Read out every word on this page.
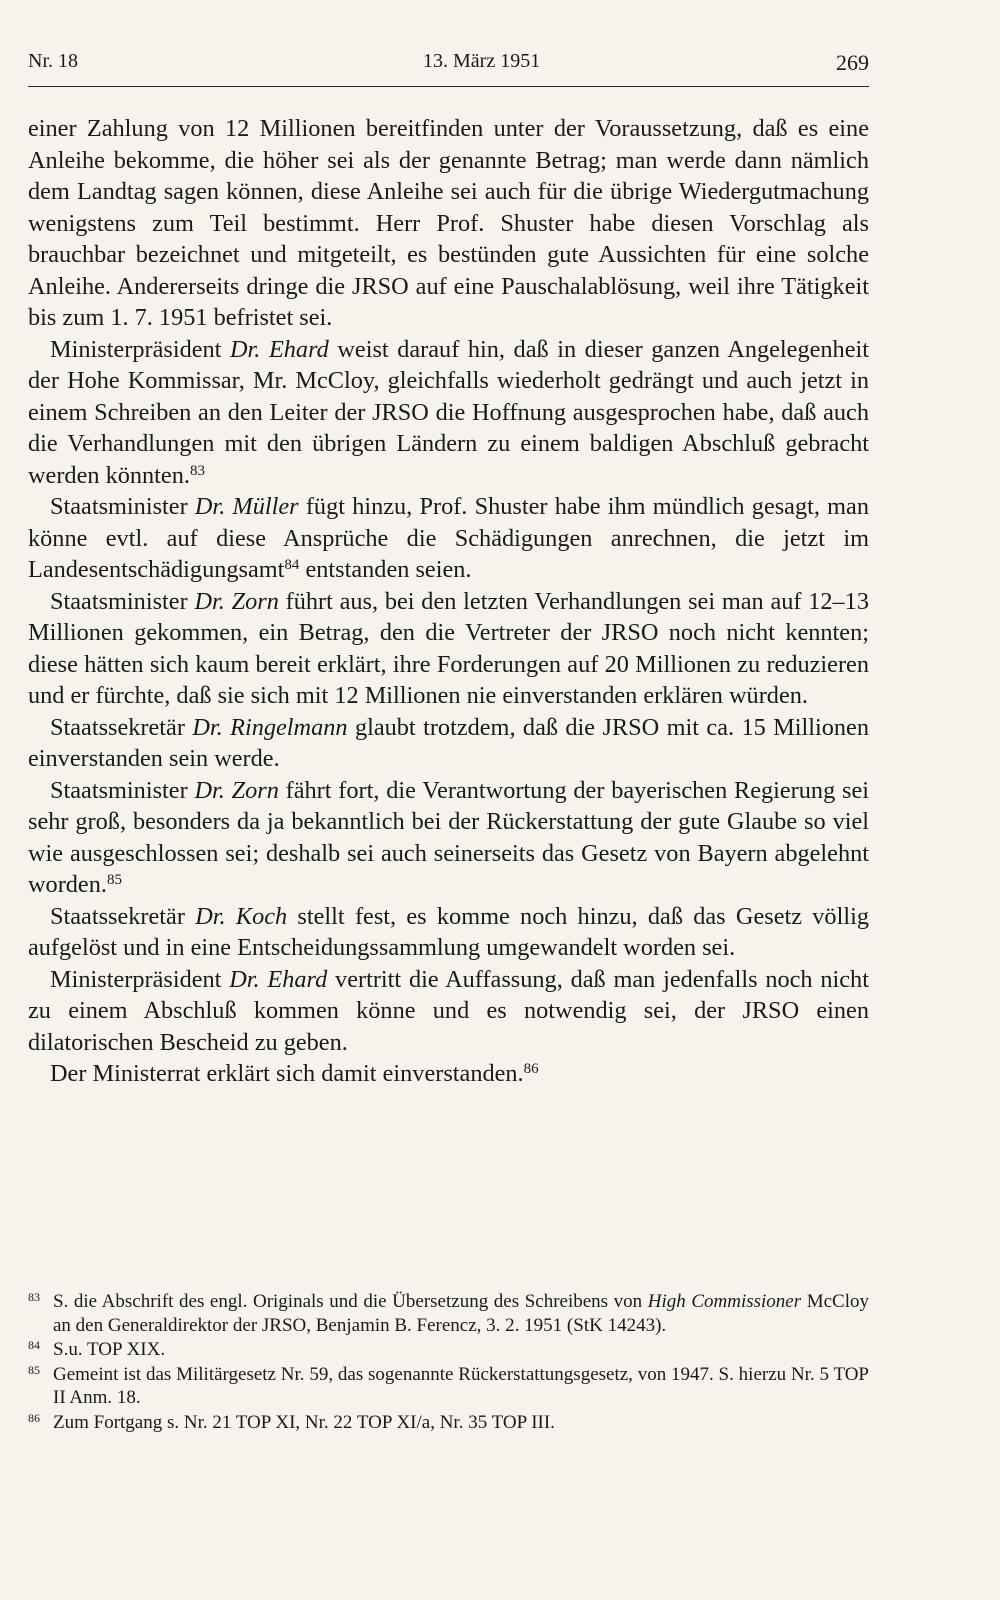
Nr. 18	13. März 1951	269

einer Zahlung von 12 Millionen bereitfinden unter der Voraussetzung, daß es eine Anleihe bekomme, die höher sei als der genannte Betrag; man werde dann nämlich dem Landtag sagen können, diese Anleihe sei auch für die übrige Wiedergutmachung wenigstens zum Teil bestimmt. Herr Prof. Shuster habe diesen Vorschlag als brauchbar bezeichnet und mitgeteilt, es bestünden gute Aussichten für eine solche Anleihe. Andererseits dringe die JRSO auf eine Pauschalablösung, weil ihre Tätigkeit bis zum 1. 7. 1951 befristet sei.

Ministerpräsident Dr. Ehard weist darauf hin, daß in dieser ganzen Angelegenheit der Hohe Kommissar, Mr. McCloy, gleichfalls wiederholt gedrängt und auch jetzt in einem Schreiben an den Leiter der JRSO die Hoffnung ausgesprochen habe, daß auch die Verhandlungen mit den übrigen Ländern zu einem baldigen Abschluß gebracht werden könnten.$^{83}$

Staatsminister Dr. Müller fügt hinzu, Prof. Shuster habe ihm mündlich gesagt, man könne evtl. auf diese Ansprüche die Schädigungen anrechnen, die jetzt im Landesentschädigungsamt$^{84}$ entstanden seien.

Staatsminister Dr. Zorn führt aus, bei den letzten Verhandlungen sei man auf 12–13 Millionen gekommen, ein Betrag, den die Vertreter der JRSO noch nicht kennten; diese hätten sich kaum bereit erklärt, ihre Forderungen auf 20 Millionen zu reduzieren und er fürchte, daß sie sich mit 12 Millionen nie einverstanden erklären würden.

Staatssekretär Dr. Ringelmann glaubt trotzdem, daß die JRSO mit ca. 15 Millionen einverstanden sein werde.

Staatsminister Dr. Zorn fährt fort, die Verantwortung der bayerischen Regierung sei sehr groß, besonders da ja bekanntlich bei der Rückerstattung der gute Glaube so viel wie ausgeschlossen sei; deshalb sei auch seinerseits das Gesetz von Bayern abgelehnt worden.$^{85}$

Staatssekretär Dr. Koch stellt fest, es komme noch hinzu, daß das Gesetz völlig aufgelöst und in eine Entscheidungssammlung umgewandelt worden sei.

Ministerpräsident Dr. Ehard vertritt die Auffassung, daß man jedenfalls noch nicht zu einem Abschluß kommen könne und es notwendig sei, der JRSO einen dilatorischen Bescheid zu geben.

Der Ministerrat erklärt sich damit einverstanden.$^{86}$

83 S. die Abschrift des engl. Originals und die Übersetzung des Schreibens von High Commissioner McCloy an den Generaldirektor der JRSO, Benjamin B. Ferencz, 3. 2. 1951 (StK 14243).
84 S.u. TOP XIX.
85 Gemeint ist das Militärgesetz Nr. 59, das sogenannte Rückerstattungsgesetz, von 1947. S. hierzu Nr. 5 TOP II Anm. 18.
86 Zum Fortgang s. Nr. 21 TOP XI, Nr. 22 TOP XI/a, Nr. 35 TOP III.
